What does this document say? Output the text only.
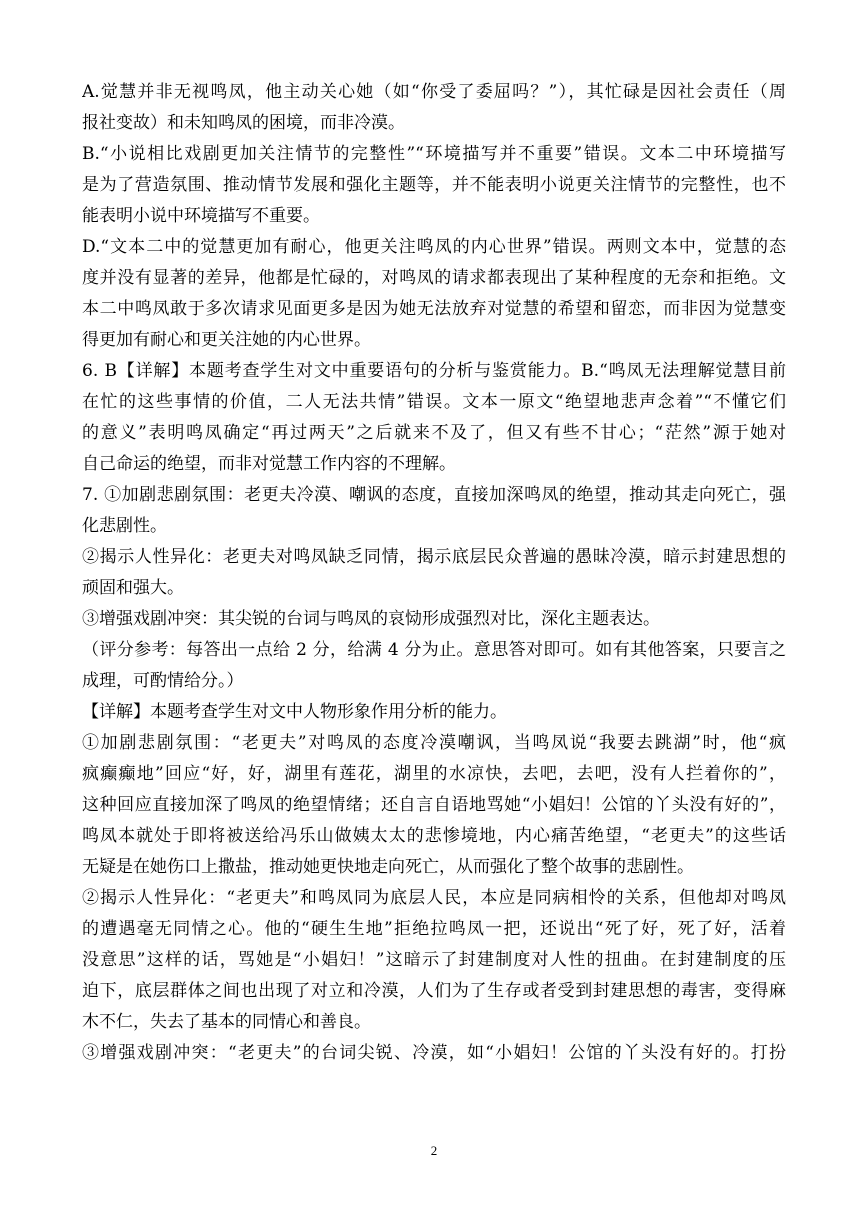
A.觉慧并非无视鸣凤，他主动关心她（如“你受了委屈吗？”），其忙碌是因社会责任（周
报社变故）和未知鸣凤的困境，而非冷漠。
B.“小说相比戏剧更加关注情节的完整性”“环境描写并不重要”错误。文本二中环境描写
是为了营造氛围、推动情节发展和强化主题等，并不能表明小说更关注情节的完整性，也不
能表明小说中环境描写不重要。
D.“文本二中的觉慧更加有耐心，他更关注鸣凤的内心世界”错误。两则文本中，觉慧的态
度并没有显著的差异，他都是忙碌的，对鸣凤的请求都表现出了某种程度的无奈和拒绝。文
本二中鸣凤敢于多次请求见面更多是因为她无法放弃对觉慧的希望和留恋，而非因为觉慧变
得更加有耐心和更关注她的内心世界。
6. B【详解】本题考查学生对文中重要语句的分析与鉴赏能力。B.“鸣凤无法理解觉慧目前
在忙的这些事情的价值，二人无法共情”错误。文本一原文“绝望地悲声念着”“不懂它们
的意义”表明鸣凤确定“再过两天”之后就来不及了，但又有些不甘心；“茫然”源于她对
自己命运的绝望，而非对觉慧工作内容的不理解。
7. ①加剧悲剧氛围：老更夫冷漠、嘲讽的态度，直接加深鸣凤的绝望，推动其走向死亡，强
化悲剧性。
②揭示人性异化：老更夫对鸣凤缺乏同情，揭示底层民众普遍的愚昧冷漠，暗示封建思想的
顽固和强大。
③增强戏剧冲突：其尖锐的台词与鸣凤的哀恸形成强烈对比，深化主题表达。
（评分参考：每答出一点给 2 分，给满 4 分为止。意思答对即可。如有其他答案，只要言之
成理，可酌情给分。）
【详解】本题考查学生对文中人物形象作用分析的能力。
①加剧悲剧氛围：“老更夫”对鸣凤的态度冷漠嘲讽，当鸣凤说“我要去跳湖”时，他“疯
疯癫癫地”回应“好，好，湖里有莲花，湖里的水凉快，去吧，去吧，没有人拦着你的”，
这种回应直接加深了鸣凤的绝望情绪；还自言自语地骂她“小娼妇！公馆的丫头没有好的”，
鸣凤本就处于即将被送给冯乐山做姨太太的悲惨境地，内心痛苦绝望，“老更夫”的这些话
无疑是在她伤口上撒盐，推动她更快地走向死亡，从而强化了整个故事的悲剧性。
②揭示人性异化：“老更夫”和鸣凤同为底层人民，本应是同病相怜的关系，但他却对鸣凤
的遭遇毫无同情之心。他的“硬生生地”拒绝拉鸣凤一把，还说出“死了好，死了好，活着
没意思”这样的话，骂她是“小娼妇！”这暗示了封建制度对人性的扭曲。在封建制度的压
迫下，底层群体之间也出现了对立和冷漠，人们为了生存或者受到封建思想的毒害，变得麻
木不仁，失去了基本的同情心和善良。
③增强戏剧冲突：“老更夫”的台词尖锐、冷漠，如“小娼妇！公馆的丫头没有好的。打扮
2
